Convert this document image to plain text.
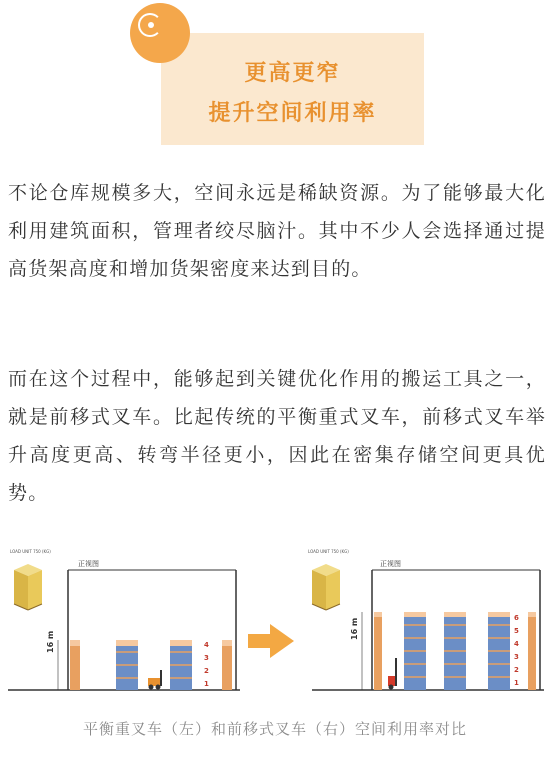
更高更窄
提升空间利用率

不论仓库规模多大，空间永远是稀缺资源。为了能够最大化利用建筑面积，管理者绞尽脑汁。其中不少人会选择通过提高货架高度和增加货架密度来达到目的。

而在这个过程中，能够起到关键优化作用的搬运工具之一，就是前移式叉车。比起传统的平衡重式叉车，前移式叉车举升高度更高、转弯半径更小，因此在密集存储空间更具优势。

LOAD UNIT 750 (KG)
正视图
16 m	4
3
2
1
LOAD UNIT 750 (KG)
正视图
16 m	6
5
4
3
2
1
平衡重叉车（左）和前移式叉车（右）空间利用率对比
